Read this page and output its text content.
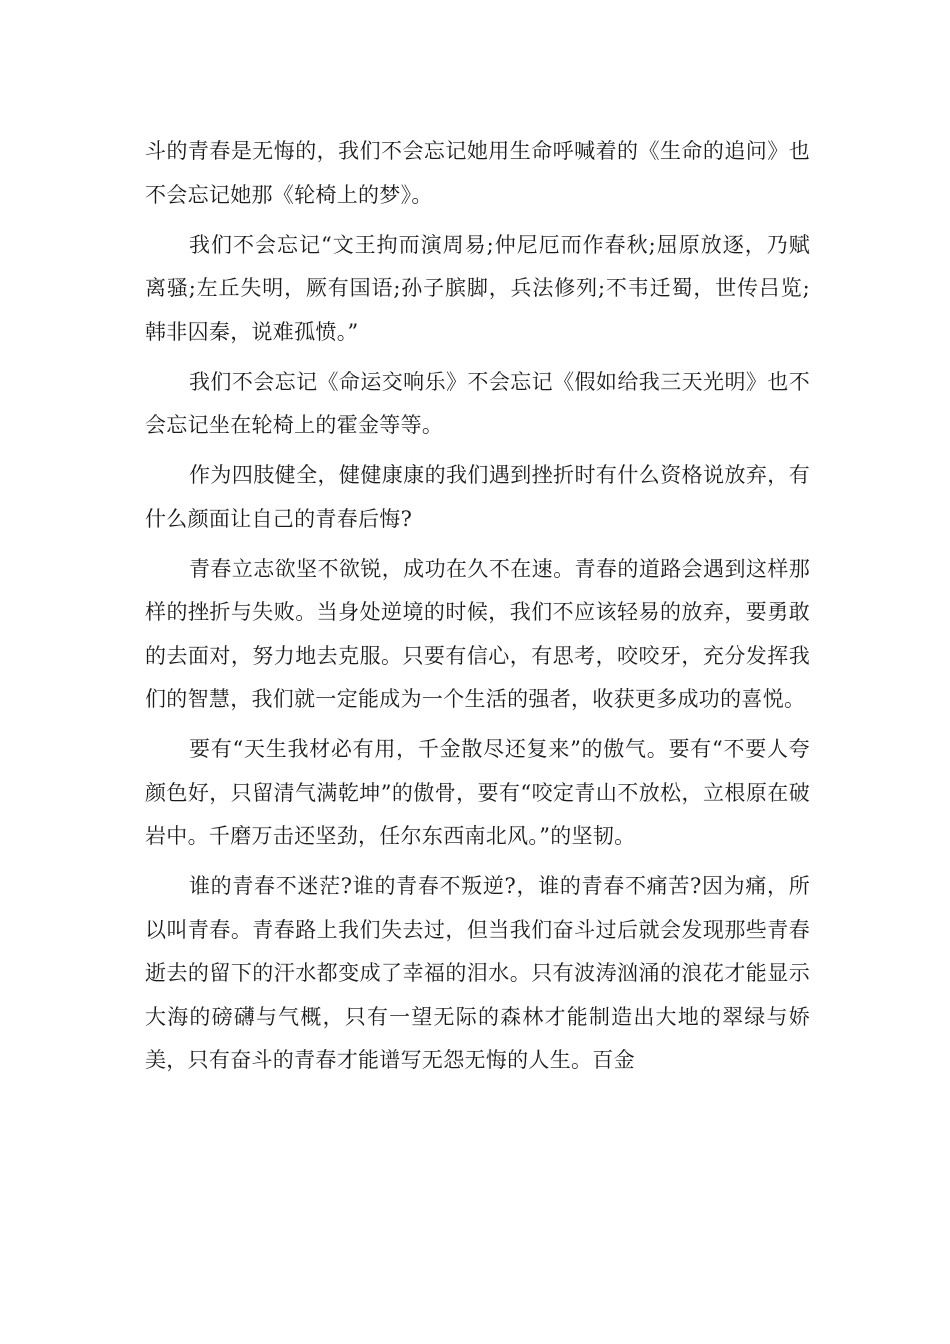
斗的青春是无悔的，我们不会忘记她用生命呼喊着的《生命的追问》也不会忘记她那《轮椅上的梦》。

我们不会忘记“文王拘而演周易;仲尼厄而作春秋;屈原放逐，乃赋离骚;左丘失明，厥有国语;孙子膑脚，兵法修列;不韦迁蜀，世传吕览;韩非囚秦，说难孤愤。”

我们不会忘记《命运交响乐》不会忘记《假如给我三天光明》也不会忘记坐在轮椅上的霍金等等。

作为四肢健全，健健康康的我们遇到挫折时有什么资格说放弃，有什么颜面让自己的青春后悔?

青春立志欲坚不欲锐，成功在久不在速。青春的道路会遇到这样那样的挫折与失败。当身处逆境的时候，我们不应该轻易的放弃，要勇敢的去面对，努力地去克服。只要有信心，有思考，咬咬牙，充分发挥我们的智慧，我们就一定能成为一个生活的强者，收获更多成功的喜悦。

要有“天生我材必有用，千金散尽还复来”的傲气。要有“不要人夸颜色好，只留清气满乾坤”的傲骨，要有“咬定青山不放松，立根原在破岩中。千磨万击还坚劲，任尔东西南北风。”的坚韧。

谁的青春不迷茫?谁的青春不叛逆?，谁的青春不痛苦?因为痛，所以叫青春。青春路上我们失去过，但当我们奋斗过后就会发现那些青春逝去的留下的汗水都变成了幸福的泪水。只有波涛汹涌的浪花才能显示大海的磅礴与气概，只有一望无际的森林才能制造出大地的翠绿与娇美，只有奋斗的青春才能谱写无怨无悔的人生。百金
